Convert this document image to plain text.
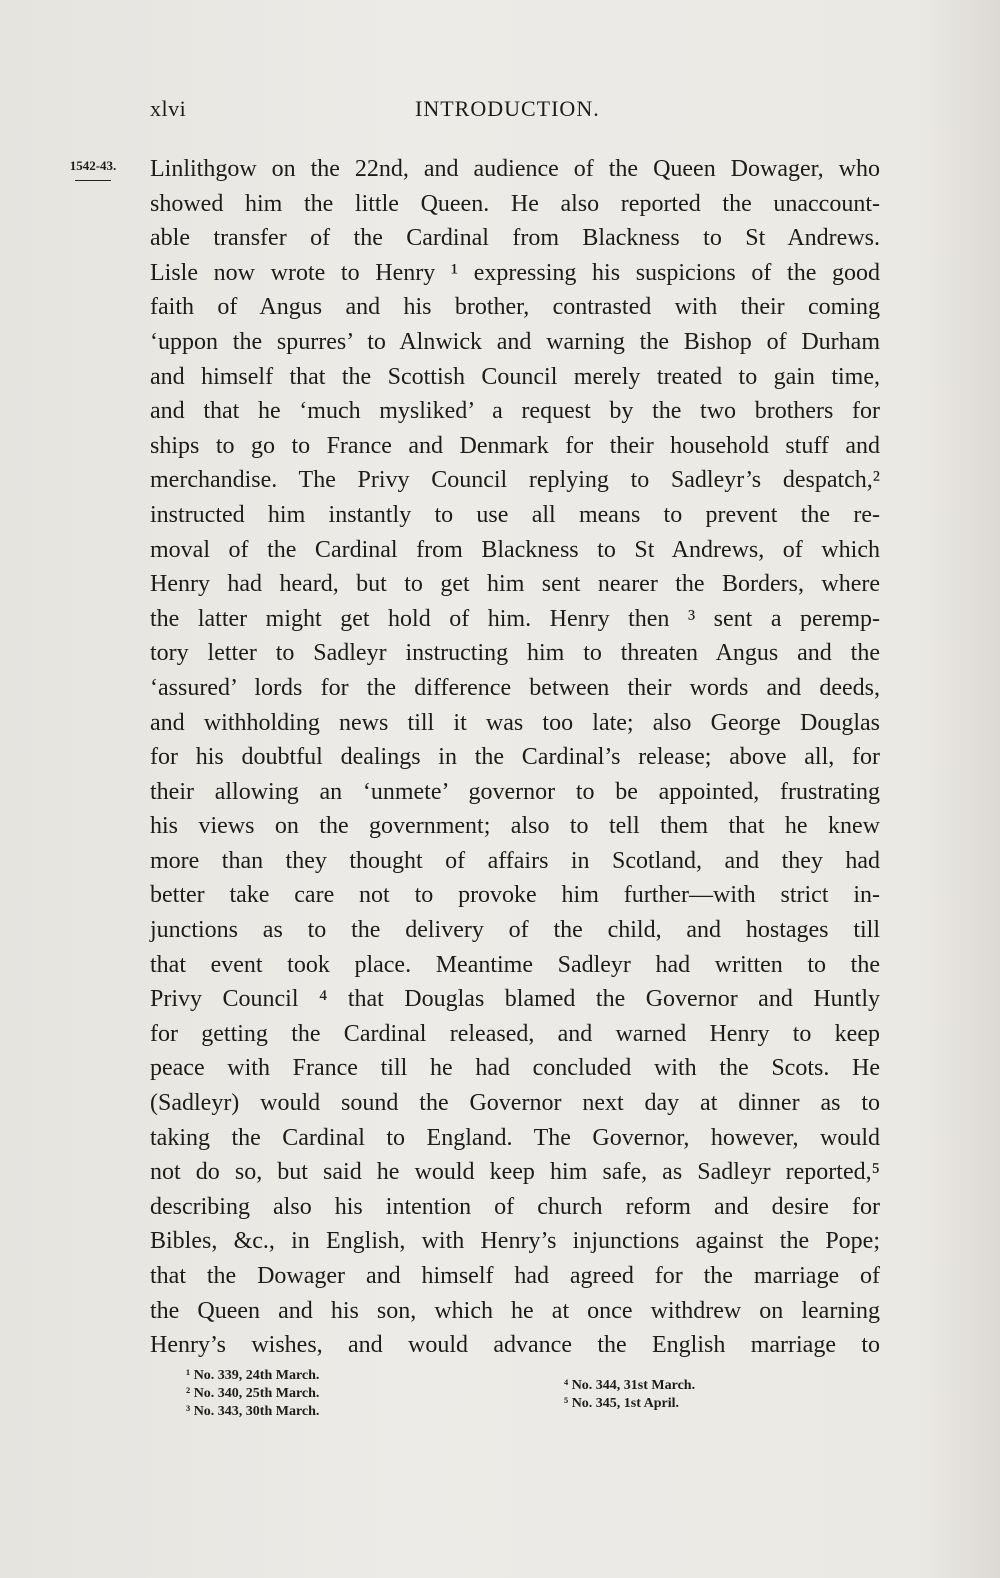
xlvi	INTRODUCTION.
1542-43.	Linlithgow on the 22nd, and audience of the Queen Dowager, who
showed him the little Queen. He also reported the unaccount-
able transfer of the Cardinal from Blackness to St Andrews.
Lisle now wrote to Henry ¹ expressing his suspicions of the good
faith of Angus and his brother, contrasted with their coming
‘uppon the spurres’ to Alnwick and warning the Bishop of Durham
and himself that the Scottish Council merely treated to gain time,
and that he ‘much mysliked’ a request by the two brothers for
ships to go to France and Denmark for their household stuff and
merchandise. The Privy Council replying to Sadleyr’s despatch,²
instructed him instantly to use all means to prevent the re-
moval of the Cardinal from Blackness to St Andrews, of which
Henry had heard, but to get him sent nearer the Borders, where
the latter might get hold of him. Henry then ³ sent a peremp-
tory letter to Sadleyr instructing him to threaten Angus and the
‘assured’ lords for the difference between their words and deeds,
and withholding news till it was too late; also George Douglas
for his doubtful dealings in the Cardinal’s release; above all, for
their allowing an ‘unmete’ governor to be appointed, frustrating
his views on the government; also to tell them that he knew
more than they thought of affairs in Scotland, and they had
better take care not to provoke him further—with strict in-
junctions as to the delivery of the child, and hostages till
that event took place. Meantime Sadleyr had written to the
Privy Council ⁴ that Douglas blamed the Governor and Huntly
for getting the Cardinal released, and warned Henry to keep
peace with France till he had concluded with the Scots. He
(Sadleyr) would sound the Governor next day at dinner as to
taking the Cardinal to England. The Governor, however, would
not do so, but said he would keep him safe, as Sadleyr reported,⁵
describing also his intention of church reform and desire for
Bibles, &c., in English, with Henry’s injunctions against the Pope;
that the Dowager and himself had agreed for the marriage of
the Queen and his son, which he at once withdrew on learning
Henry’s wishes, and would advance the English marriage to
¹ No. 339, 24th March.
² No. 340, 25th March.
³ No. 343, 30th March.
⁴ No. 344, 31st March.
⁵ No. 345, 1st April.
